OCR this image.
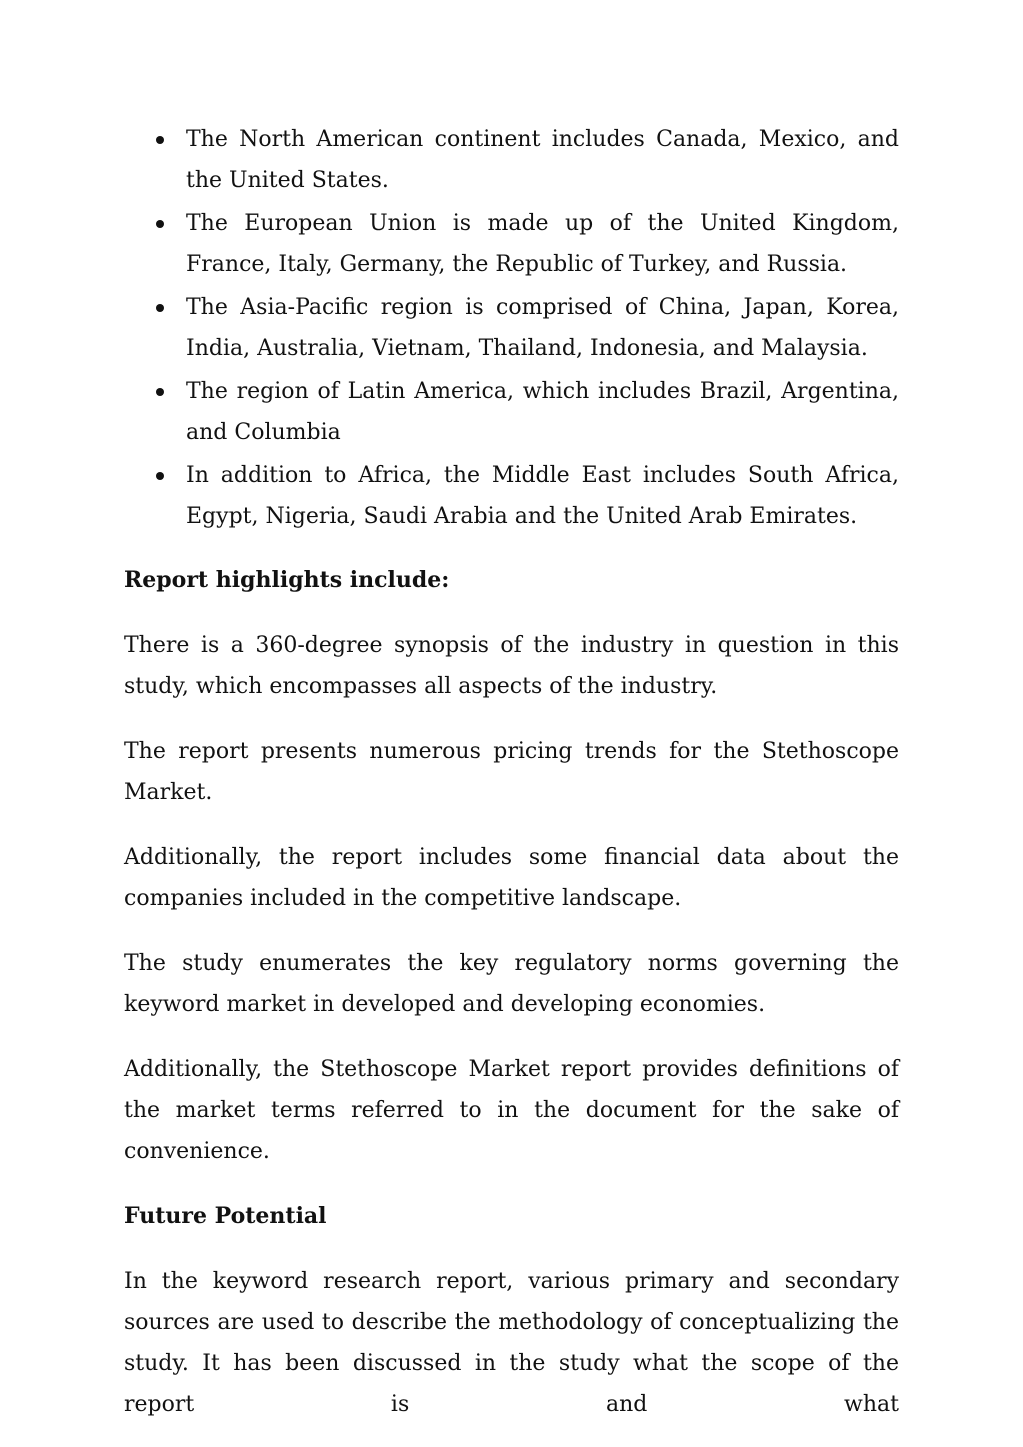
The North American continent includes Canada, Mexico, and the United States.
The European Union is made up of the United Kingdom, France, Italy, Germany, the Republic of Turkey, and Russia.
The Asia-Pacific region is comprised of China, Japan, Korea, India, Australia, Vietnam, Thailand, Indonesia, and Malaysia.
The region of Latin America, which includes Brazil, Argentina, and Columbia
In addition to Africa, the Middle East includes South Africa, Egypt, Nigeria, Saudi Arabia and the United Arab Emirates.
Report highlights include:

There is a 360-degree synopsis of the industry in question in this study, which encompasses all aspects of the industry.

The report presents numerous pricing trends for the Stethoscope Market.

Additionally, the report includes some financial data about the companies included in the competitive landscape.

The study enumerates the key regulatory norms governing the keyword market in developed and developing economies.

Additionally, the Stethoscope Market report provides definitions of the market terms referred to in the document for the sake of convenience.

Future Potential

In the keyword research report, various primary and secondary sources are used to describe the methodology of conceptualizing the study. It has been discussed in the study what the scope of the report is and what
